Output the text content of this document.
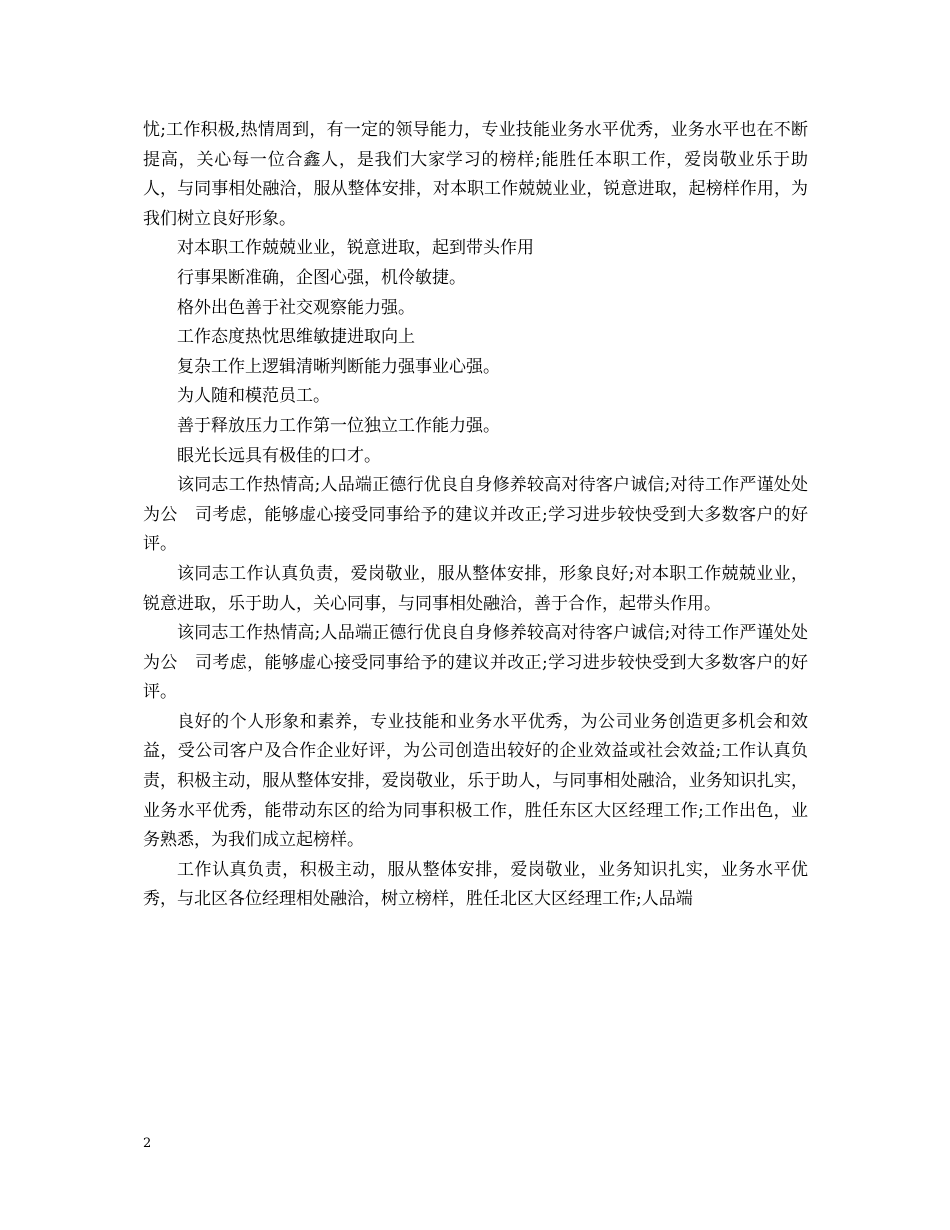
忧;工作积极,热情周到，有一定的领导能力，专业技能业务水平优秀，业务水平也在不断提高，关心每一位合鑫人，是我们大家学习的榜样;能胜任本职工作，爱岗敬业乐于助人，与同事相处融洽，服从整体安排，对本职工作兢兢业业，锐意进取，起榜样作用，为我们树立良好形象。

对本职工作兢兢业业，锐意进取，起到带头作用

行事果断准确，企图心强，机伶敏捷。

格外出色善于社交观察能力强。

工作态度热忱思维敏捷进取向上

复杂工作上逻辑清晰判断能力强事业心强。

为人随和模范员工。

善于释放压力工作第一位独立工作能力强。

眼光长远具有极佳的口才。

该同志工作热情高;人品端正德行优良自身修养较高对待客户诚信;对待工作严谨处处为公　司考虑，能够虚心接受同事给予的建议并改正;学习进步较快受到大多数客户的好评。

该同志工作认真负责，爱岗敬业，服从整体安排，形象良好;对本职工作兢兢业业，锐意进取，乐于助人，关心同事，与同事相处融洽，善于合作，起带头作用。

该同志工作热情高;人品端正德行优良自身修养较高对待客户诚信;对待工作严谨处处为公　司考虑，能够虚心接受同事给予的建议并改正;学习进步较快受到大多数客户的好评。

良好的个人形象和素养，专业技能和业务水平优秀，为公司业务创造更多机会和效益，受公司客户及合作企业好评，为公司创造出较好的企业效益或社会效益;工作认真负责，积极主动，服从整体安排，爱岗敬业，乐于助人，与同事相处融洽，业务知识扎实，业务水平优秀，能带动东区的给为同事积极工作，胜任东区大区经理工作;工作出色，业务熟悉，为我们成立起榜样。

工作认真负责，积极主动，服从整体安排，爱岗敬业，业务知识扎实，业务水平优秀，与北区各位经理相处融洽，树立榜样，胜任北区大区经理工作;人品端

2
